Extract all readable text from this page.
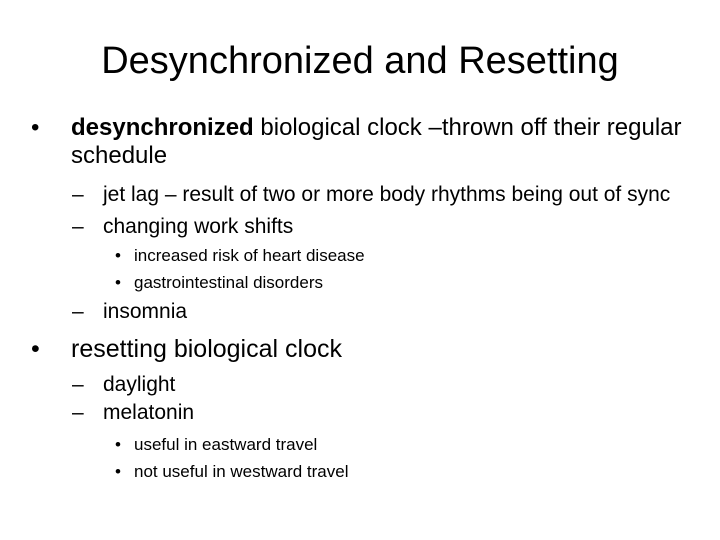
Desynchronized and Resetting
• desynchronized biological clock –thrown off their regular schedule
– jet lag – result of two or more body rhythms being out of sync
– changing work shifts
• increased risk of heart disease
• gastrointestinal disorders
– insomnia
• resetting biological clock
– daylight
– melatonin
• useful in eastward travel
• not useful in westward travel
